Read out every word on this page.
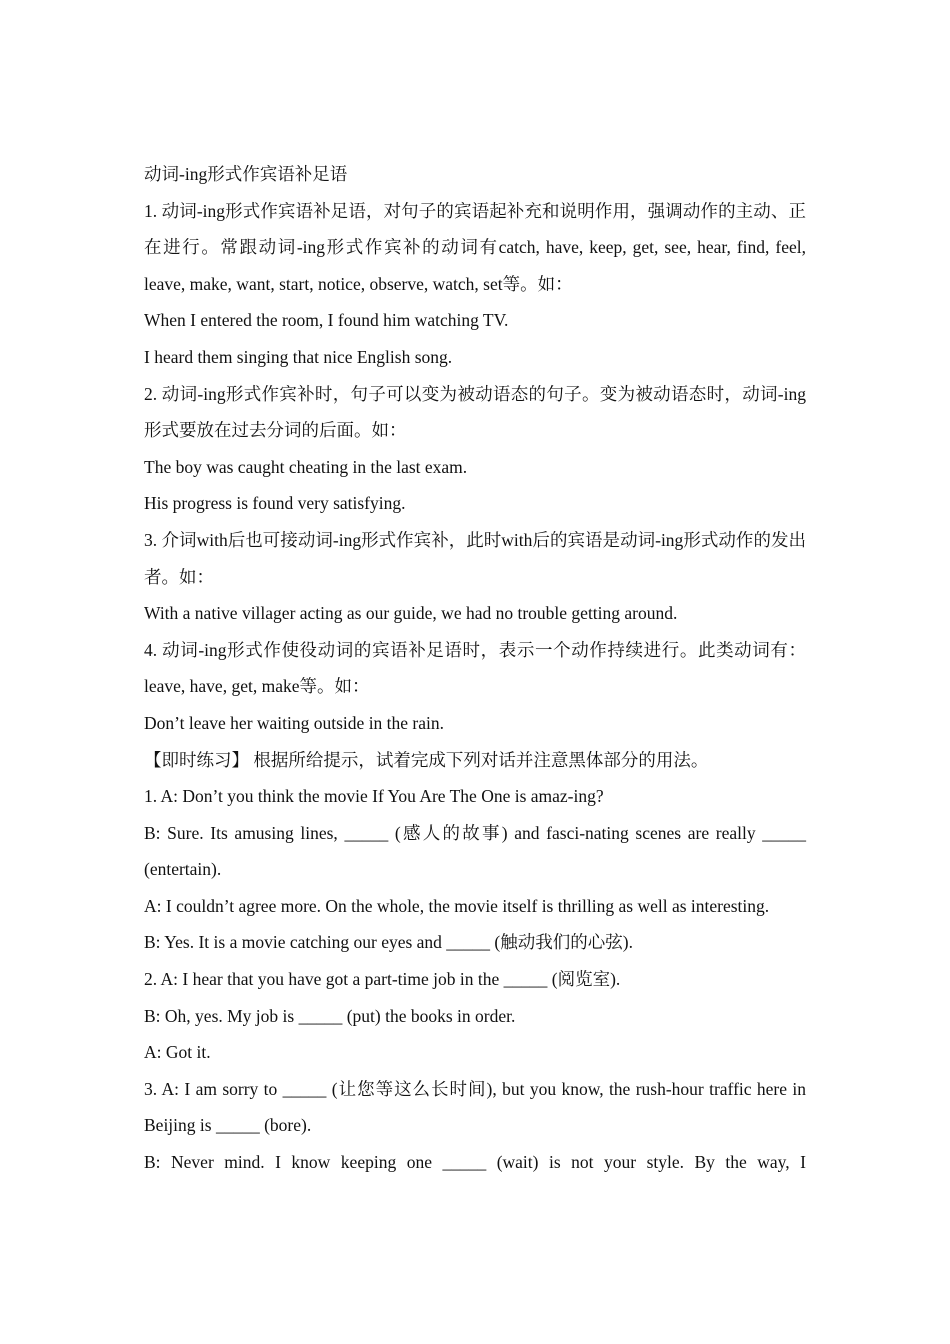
动词-ing形式作宾语补足语
1. 动词-ing形式作宾语补足语，对句子的宾语起补充和说明作用，强调动作的主动、正在进行。常跟动词-ing形式作宾补的动词有catch, have, keep, get, see, hear, find, feel, leave, make, want, start, notice, observe, watch, set等。如：
When I entered the room, I found him watching TV.
I heard them singing that nice English song.
2. 动词-ing形式作宾补时，句子可以变为被动语态的句子。变为被动语态时，动词-ing形式要放在过去分词的后面。如：
The boy was caught cheating in the last exam.
His progress is found very satisfying.
3. 介词with后也可接动词-ing形式作宾补，此时with后的宾语是动词-ing形式动作的发出者。如：
With a native villager acting as our guide, we had no trouble getting around.
4. 动词-ing形式作使役动词的宾语补足语时，表示一个动作持续进行。此类动词有：leave, have, get, make等。如：
Don’t leave her waiting outside in the rain.
【即时练习】 根据所给提示，试着完成下列对话并注意黑体部分的用法。
1. A: Don’t you think the movie If You Are The One is amaz-ing?
B: Sure. Its amusing lines, _____ (感人的故事) and fasci-nating scenes are really _____ (entertain).
A: I couldn’t agree more. On the whole, the movie itself is thrilling as well as interesting.
B: Yes. It is a movie catching our eyes and _____ (触动我们的心弦).
2. A: I hear that you have got a part-time job in the _____ (阅览室).
B: Oh, yes. My job is _____ (put) the books in order.
A: Got it.
3. A: I am sorry to _____ (让您等这么长时间), but you know, the rush-hour traffic here in Beijing is _____ (bore).
B: Never mind. I know keeping one _____ (wait) is not your style. By the way, I
